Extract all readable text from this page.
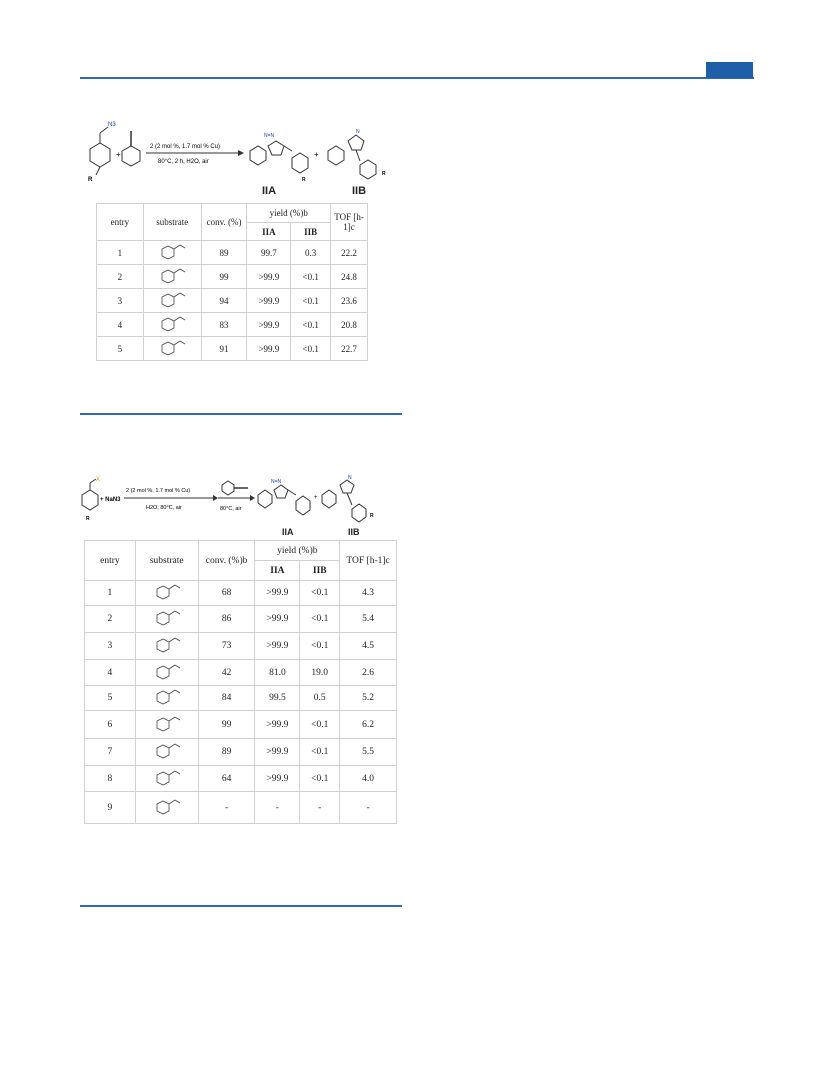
N3
R
+
2 (2 mol %, 1.7 mol % Cu)
80°C, 2 h, H2O, air
N=N
R
+
N
R
IIA	IIB
entry	substrate	conv. (%)	yield (%)b		TOF [h-1]c
			IIA	IIB	
1		89	99.7	0.3	22.2
2		99	>99.9	<0.1	24.8
3		94	>99.9	<0.1	23.6
4		83	>99.9	<0.1	20.8
5		91	>99.9	<0.1	22.7
X
R
+ NaN3
2 (2 mol %, 1.7 mol % Cu)
H2O, 80°C, air	80°C, air
N=N
+
N
R
IIA	IIB
entry	substrate	conv. (%)b	yield (%)b		TOF [h-1]c
			IIA	IIB	
1		68	>99.9	<0.1	4.3
2		86	>99.9	<0.1	5.4
3		73	>99.9	<0.1	4.5
4		42	81.0	19.0	2.6
5		84	99.5	0.5	5.2
6		99	>99.9	<0.1	6.2
7		89	>99.9	<0.1	5.5
8		64	>99.9	<0.1	4.0
9		-	-	-	-
